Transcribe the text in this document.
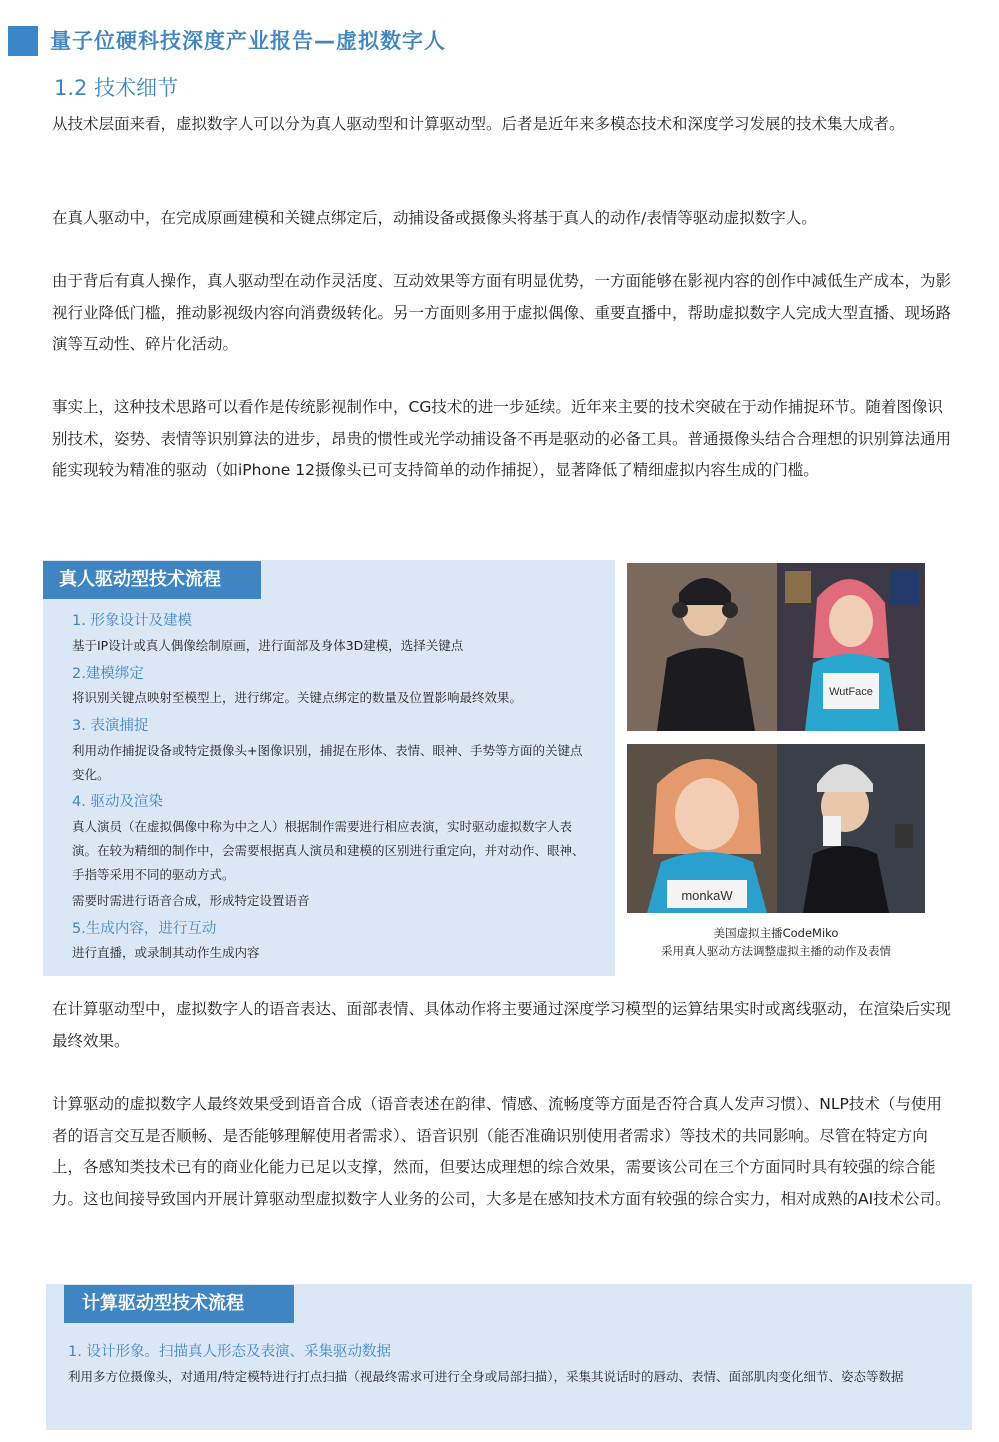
量子位硬科技深度产业报告—虚拟数字人
1.2 技术细节

从技术层面来看，虚拟数字人可以分为真人驱动型和计算驱动型。后者是近年来多模态技术和深度学习发展的技术集大成者。

在真人驱动中，在完成原画建模和关键点绑定后，动捕设备或摄像头将基于真人的动作/表情等驱动虚拟数字人。

由于背后有真人操作，真人驱动型在动作灵活度、互动效果等方面有明显优势，一方面能够在影视内容的创作中减低生产成本，为影视行业降低门槛，推动影视级内容向消费级转化。另一方面则多用于虚拟偶像、重要直播中，帮助虚拟数字人完成大型直播、现场路演等互动性、碎片化活动。

事实上，这种技术思路可以看作是传统影视制作中，CG技术的进一步延续。近年来主要的技术突破在于动作捕捉环节。随着图像识别技术，姿势、表情等识别算法的进步，昂贵的惯性或光学动捕设备不再是驱动的必备工具。普通摄像头结合合理想的识别算法通用能实现较为精准的驱动（如iPhone 12摄像头已可支持简单的动作捕捉），显著降低了精细虚拟内容生成的门槛。

真人驱动型技术流程
1. 形象设计及建模

基于IP设计或真人偶像绘制原画，进行面部及身体3D建模，选择关键点

2.建模绑定

将识别关键点映射至模型上，进行绑定。关键点绑定的数量及位置影响最终效果。

3. 表演捕捉

利用动作捕捉设备或特定摄像头+图像识别，捕捉在形体、表情、眼神、手势等方面的关键点变化。

4. 驱动及渲染

真人演员（在虚拟偶像中称为中之人）根据制作需要进行相应表演，实时驱动虚拟数字人表演。在较为精细的制作中，会需要根据真人演员和建模的区别进行重定向，并对动作、眼神、手指等采用不同的驱动方式。

需要时需进行语音合成，形成特定设置语音

5.生成内容，进行互动

进行直播，或录制其动作生成内容

WutFace
monkaW
美国虚拟主播CodeMiko
采用真人驱动方法调整虚拟主播的动作及表情

在计算驱动型中，虚拟数字人的语音表达、面部表情、具体动作将主要通过深度学习模型的运算结果实时或离线驱动，在渲染后实现最终效果。

计算驱动的虚拟数字人最终效果受到语音合成（语音表述在韵律、情感、流畅度等方面是否符合真人发声习惯）、NLP技术（与使用者的语言交互是否顺畅、是否能够理解使用者需求）、语音识别（能否准确识别使用者需求）等技术的共同影响。尽管在特定方向上，各感知类技术已有的商业化能力已足以支撑，然而，但要达成理想的综合效果，需要该公司在三个方面同时具有较强的综合能力。这也间接导致国内开展计算驱动型虚拟数字人业务的公司，大多是在感知技术方面有较强的综合实力，相对成熟的AI技术公司。

计算驱动型技术流程
1. 设计形象。扫描真人形态及表演、采集驱动数据

利用多方位摄像头，对通用/特定模特进行打点扫描（视最终需求可进行全身或局部扫描），采集其说话时的唇动、表情、面部肌肉变化细节、姿态等数据
